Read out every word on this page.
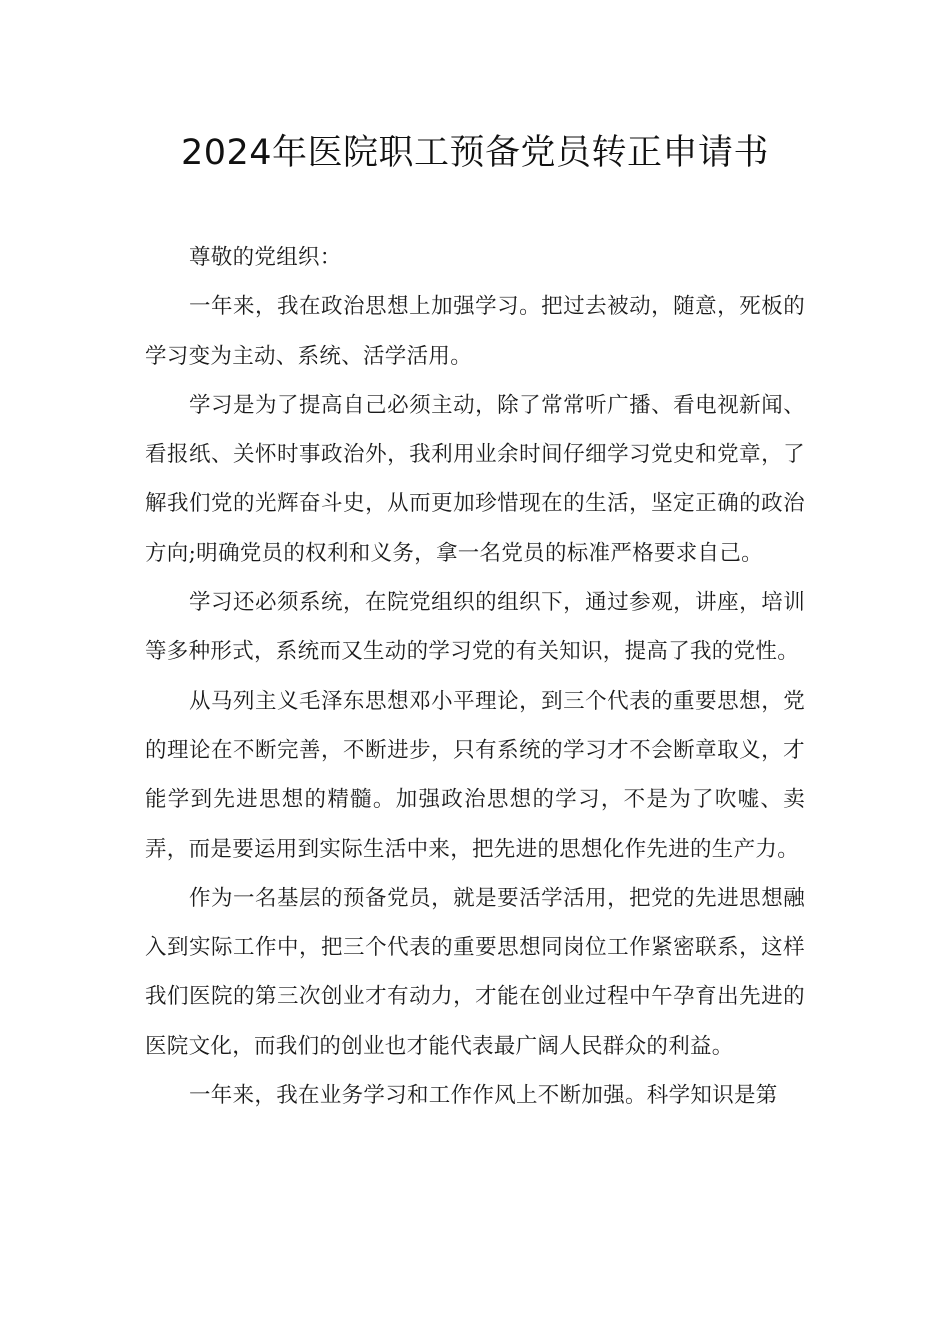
2024年医院职工预备党员转正申请书

尊敬的党组织：

一年来，我在政治思想上加强学习。把过去被动，随意，死板的学习变为主动、系统、活学活用。

学习是为了提高自己必须主动，除了常常听广播、看电视新闻、看报纸、关怀时事政治外，我利用业余时间仔细学习党史和党章，了解我们党的光辉奋斗史，从而更加珍惜现在的生活，坚定正确的政治方向;明确党员的权利和义务，拿一名党员的标准严格要求自己。

学习还必须系统，在院党组织的组织下，通过参观，讲座，培训等多种形式，系统而又生动的学习党的有关知识，提高了我的党性。

从马列主义毛泽东思想邓小平理论，到三个代表的重要思想，党的理论在不断完善，不断进步，只有系统的学习才不会断章取义，才能学到先进思想的精髓。加强政治思想的学习，不是为了吹嘘、卖弄，而是要运用到实际生活中来，把先进的思想化作先进的生产力。

作为一名基层的预备党员，就是要活学活用，把党的先进思想融入到实际工作中，把三个代表的重要思想同岗位工作紧密联系，这样我们医院的第三次创业才有动力，才能在创业过程中午孕育出先进的医院文化，而我们的创业也才能代表最广阔人民群众的利益。

一年来，我在业务学习和工作作风上不断加强。科学知识是第
